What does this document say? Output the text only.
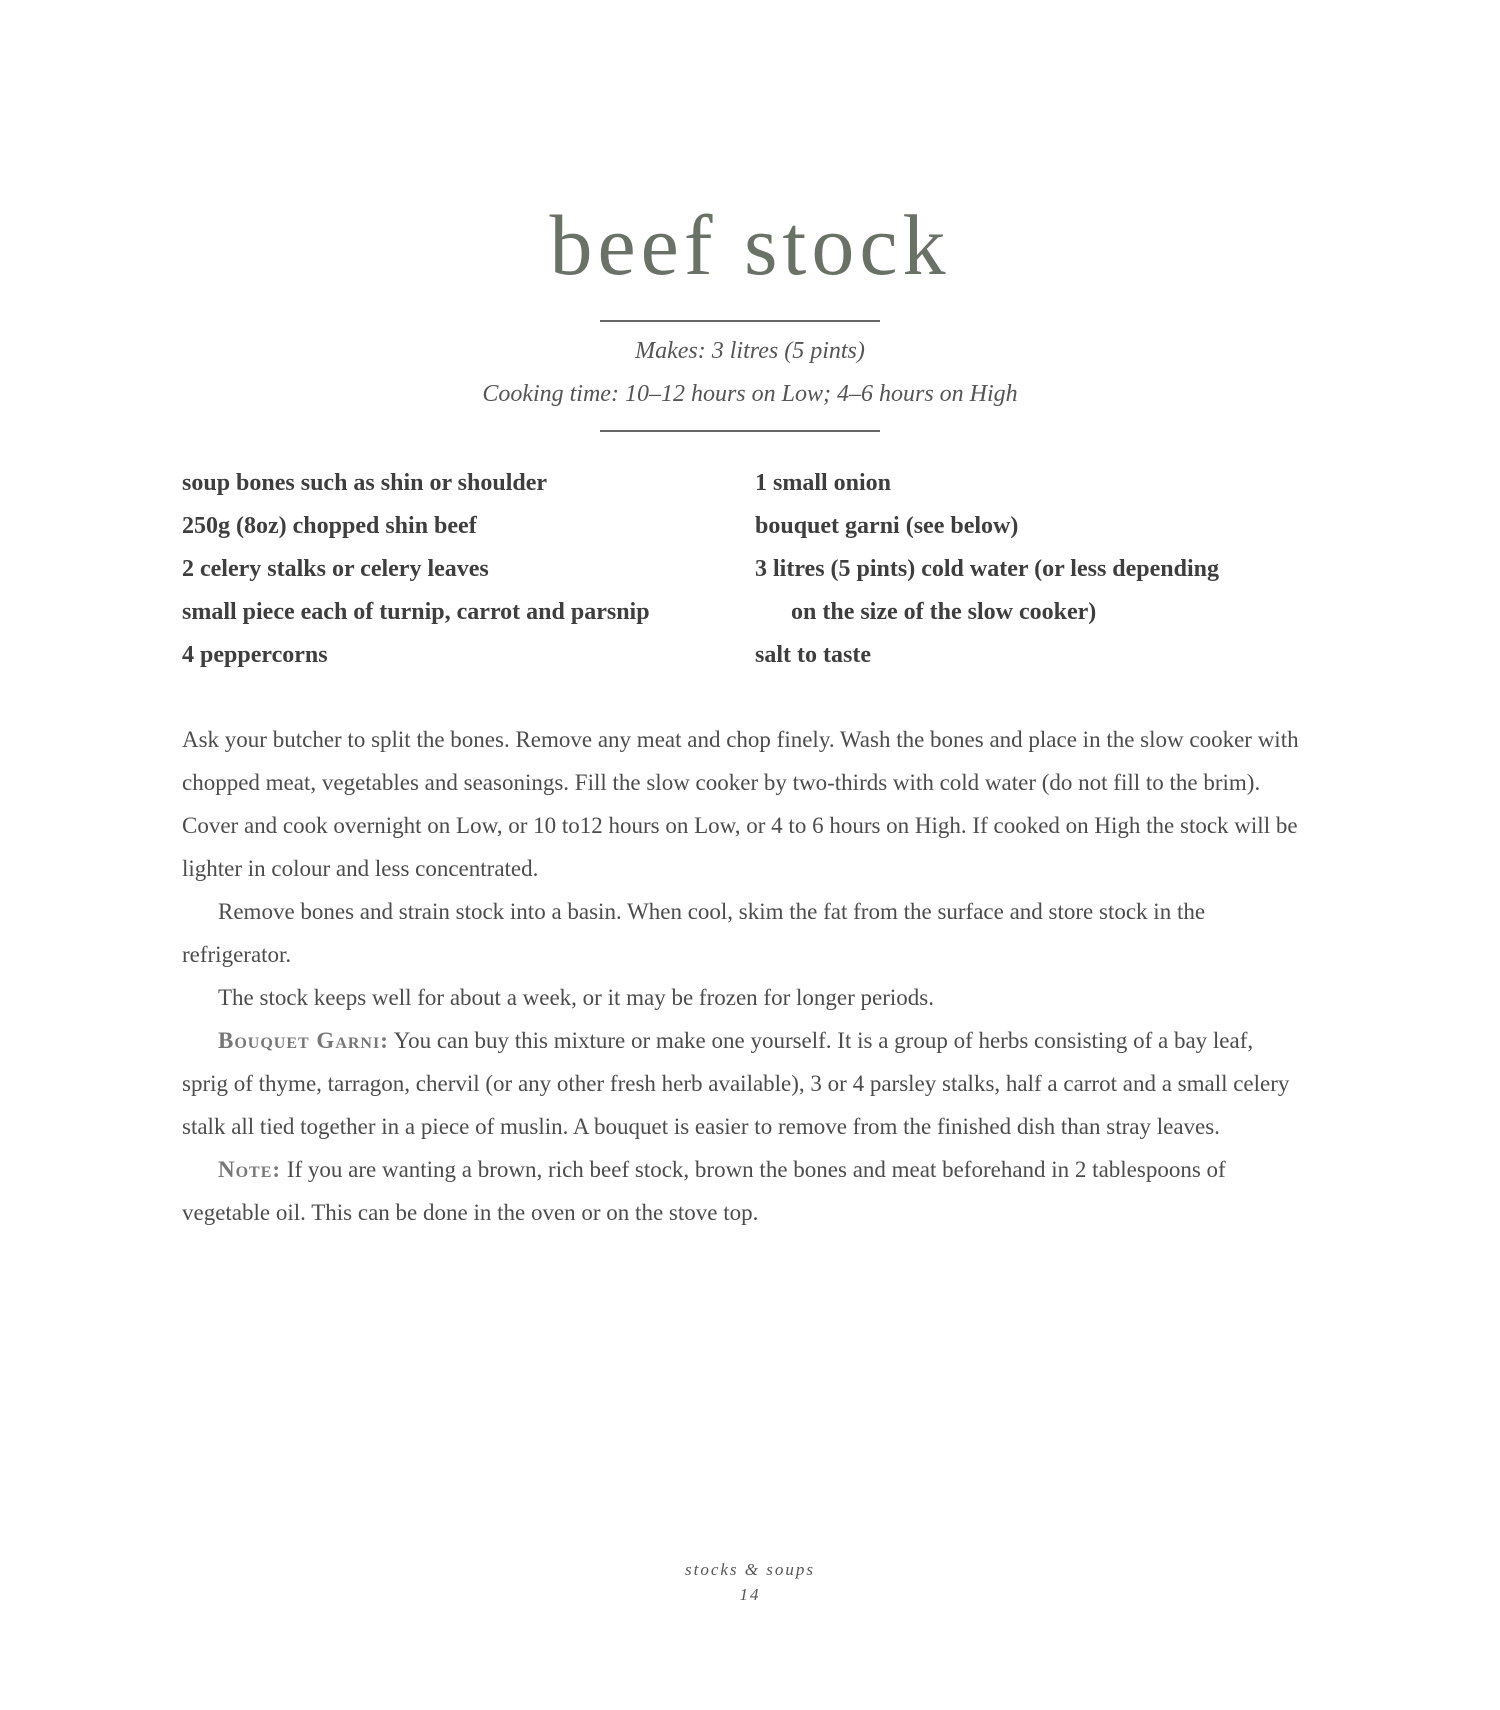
beef stock
Makes: 3 litres (5 pints)
Cooking time: 10–12 hours on Low; 4–6 hours on High
soup bones such as shin or shoulder
250g (8oz) chopped shin beef
2 celery stalks or celery leaves
small piece each of turnip, carrot and parsnip
4 peppercorns
1 small onion
bouquet garni (see below)
3 litres (5 pints) cold water (or less depending
on the size of the slow cooker)
salt to taste

Ask your butcher to split the bones. Remove any meat and chop finely. Wash the bones and place in the slow cooker with chopped meat, vegetables and seasonings. Fill the slow cooker by two-thirds with cold water (do not fill to the brim). Cover and cook overnight on Low, or 10 to12 hours on Low, or 4 to 6 hours on High. If cooked on High the stock will be lighter in colour and less concentrated.

Remove bones and strain stock into a basin. When cool, skim the fat from the surface and store stock in the refrigerator.

The stock keeps well for about a week, or it may be frozen for longer periods.

Bouquet Garni: You can buy this mixture or make one yourself. It is a group of herbs consisting of a bay leaf, sprig of thyme, tarragon, chervil (or any other fresh herb available), 3 or 4 parsley stalks, half a carrot and a small celery stalk all tied together in a piece of muslin. A bouquet is easier to remove from the finished dish than stray leaves.

Note: If you are wanting a brown, rich beef stock, brown the bones and meat beforehand in 2 tablespoons of vegetable oil. This can be done in the oven or on the stove top.

stocks & soups
14
